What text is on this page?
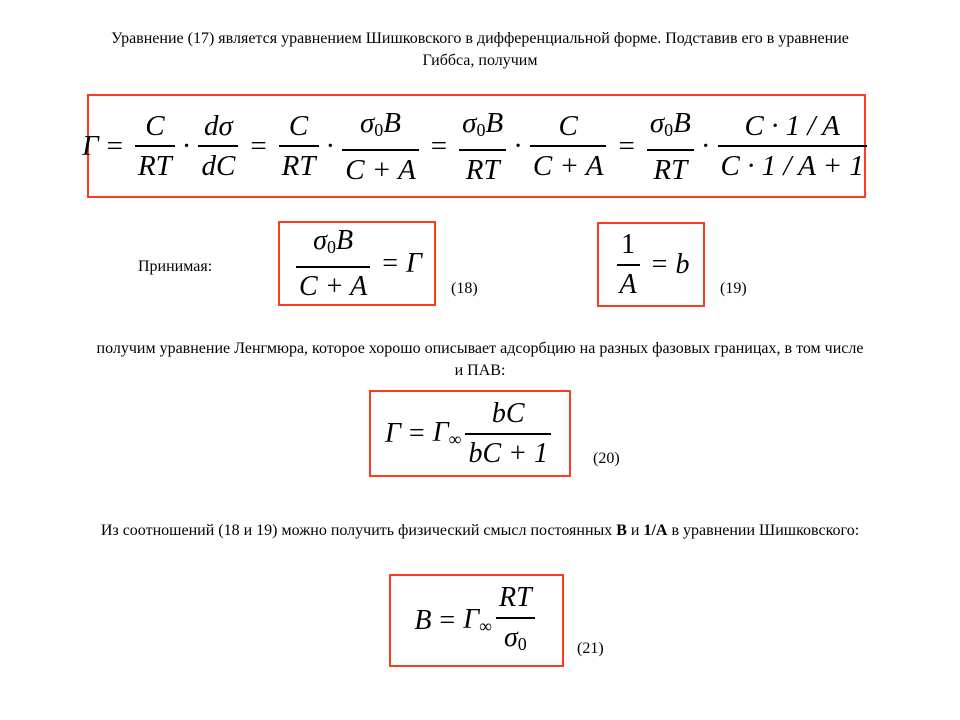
Уравнение (17) является уравнением Шишковского в дифференциальной форме. Подставив его в уравнение
Гиббса, получим
$\Gamma = \frac{C}{RT} \cdot \frac{d\sigma}{dC} = \frac{C}{RT} \cdot \frac{\sigma_0B}{C + A} = \frac{\sigma_0B}{RT} \cdot \frac{C}{C + A} = \frac{\sigma_0B}{RT} \cdot \frac{C \cdot 1 / A}{C \cdot 1 / A + 1}$
Принимая:	$\frac{\sigma_0B}{C + A} = \Gamma$
(18)	$\frac{1}{A} = b$
(19)
получим уравнение Ленгмюра, которое хорошо описывает адсорбцию на разных фазовых границах, в том числе
и ПАВ:
$\Gamma = \Gamma_\infty \frac{bC}{bC + 1}$	(20)
Из соотношений (18 и 19) можно получить физический смысл постоянных В и 1/А в уравнении Шишковского:
$B = \Gamma_\infty \frac{RT}{\sigma_0}$	(21)
